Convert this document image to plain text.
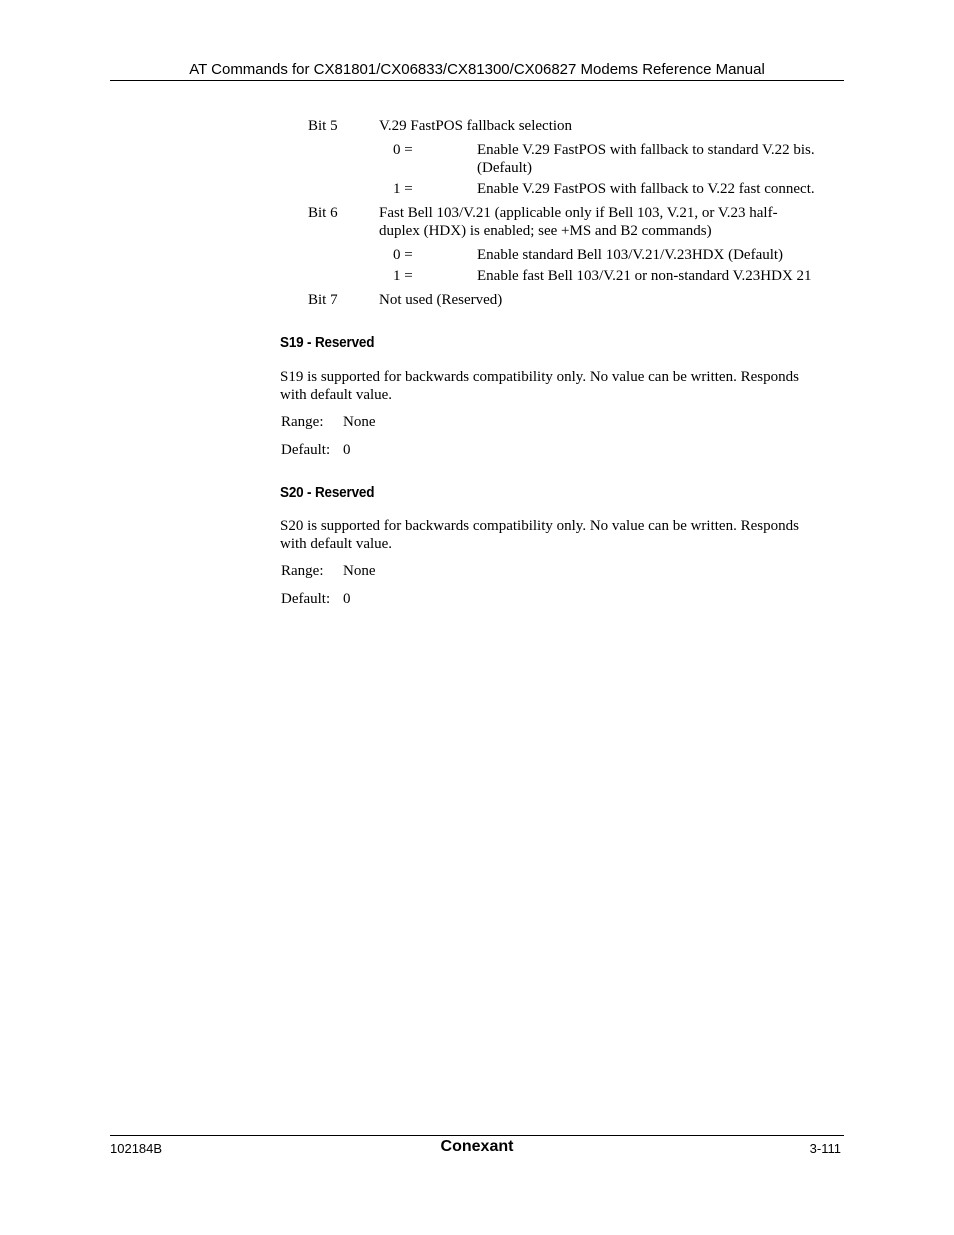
AT Commands for CX81801/CX06833/CX81300/CX06827 Modems Reference Manual
Bit 5	V.29 FastPOS fallback selection
0 =	Enable V.29 FastPOS with fallback to standard V.22 bis.
(Default)
1 =	Enable V.29 FastPOS with fallback to V.22 fast connect.
Bit 6	Fast Bell 103/V.21 (applicable only if Bell 103, V.21, or V.23 half-
duplex (HDX) is enabled; see +MS and B2 commands)
0 =	Enable standard Bell 103/V.21/V.23HDX (Default)
1 =	Enable fast Bell 103/V.21 or non-standard V.23HDX 21
Bit 7	Not used (Reserved)
S19 - Reserved
S19 is supported for backwards compatibility only. No value can be written. Responds
with default value.
Range: None
Default: 0
S20 - Reserved
S20 is supported for backwards compatibility only. No value can be written. Responds
with default value.
Range: None
Default: 0
102184B	Conexant	3-111
